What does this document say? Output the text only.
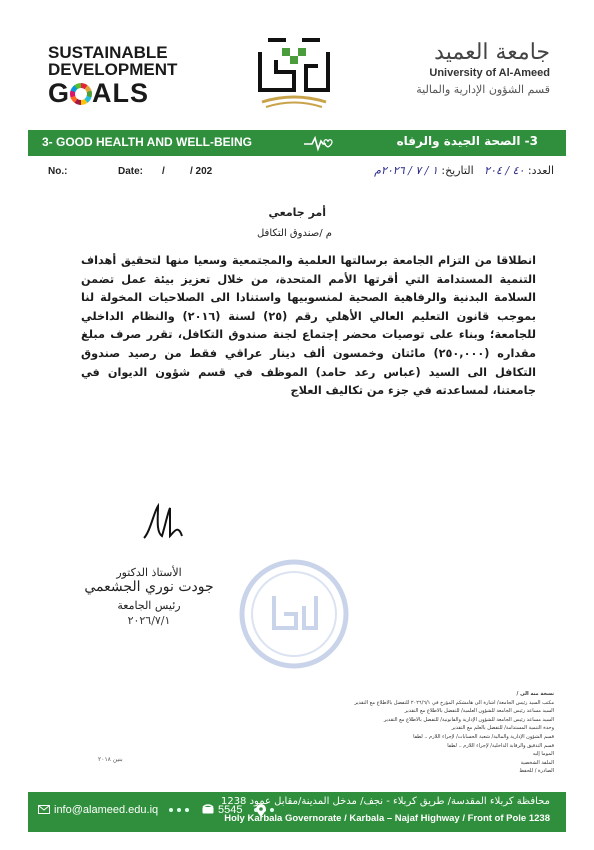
SUSTAINABLE
DEVELOPMENT
G ALS
جامعة العميد
University of Al-Ameed
قسم الشؤون الإدارية والمالية
3- GOOD HEALTH AND WELL-BEING	3- الصحة الجيدة والرفاه
No.:	Date: /	/ 202	العدد: ٤٠ / ٢٠٤   التاريخ: ١ / ٧ / ٢٠٢٦م
أمر جامعي
م /صندوق التكافل
انطلاقا من التزام الجامعة برسالتها العلمية والمجتمعية وسعيا منها لتحقيق أهداف التنمية المستدامة التي أقرتها الأمم المتحدة، من خلال تعزيز بيئة عمل تضمن السلامة البدنية والرفاهية الصحية لمنسوبيها واستنادا الى الصلاحيات المخولة لنا بموجب قانون التعليم العالي الأهلي رقم (٢٥) لسنة (٢٠١٦) والنظام الداخلي للجامعة؛ وبناء على توصيات محضر إجتماع لجنة صندوق التكافل، تقرر صرف مبلغ مقداره (٢٥٠,٠٠٠) مائتان وخمسون ألف دينار عراقي فقط من رصيد صندوق التكافل الى السيد (عباس رعد حامد) الموظف في قسم شؤون الديوان في جامعتنا، لمساعدته في جزء من تكاليف العلاج
الأستاذ الدكتور
جودت نوري الجشعمي
رئيس الجامعة
٢٠٢٦/٧/١
نسخة منه الى /
مكتب السيد رئيس الجامعة/ اشارة الى هامشكم المؤرخ في ٢٠٢٦/٦/١ للتفضل بالاطلاع مع التقدير
السيد مساعد رئيس الجامعة للشؤون العلمية/ للتفضل بالاطلاع مع التقدير
السيد مساعد رئيس الجامعة للشؤون الإدارية والقانونية/ للتفضل بالاطلاع مع التقدير
وحدة التنمية المستدامة/ للتفضل بالعلم مع التقدير
قسم الشؤون الإدارية والمالية/ شعبة الحسابات/ لإجراء اللازم .. لطفا
قسم التدقيق والرقابة الداخلية/ لإجراء اللازم .. لطفا
الموما إليه
الملفة الشخصية
الصادرة / للحفظ
بنين ٢٠١٨
info@alameed.edu.iq	5545
محافظة كربلاء المقدسة/ طريق كربلاء - نجف/ مدخل المدينة/مقابل عمود 1238
Holy Karbala Governorate / Karbala – Najaf Highway / Front of Pole 1238
